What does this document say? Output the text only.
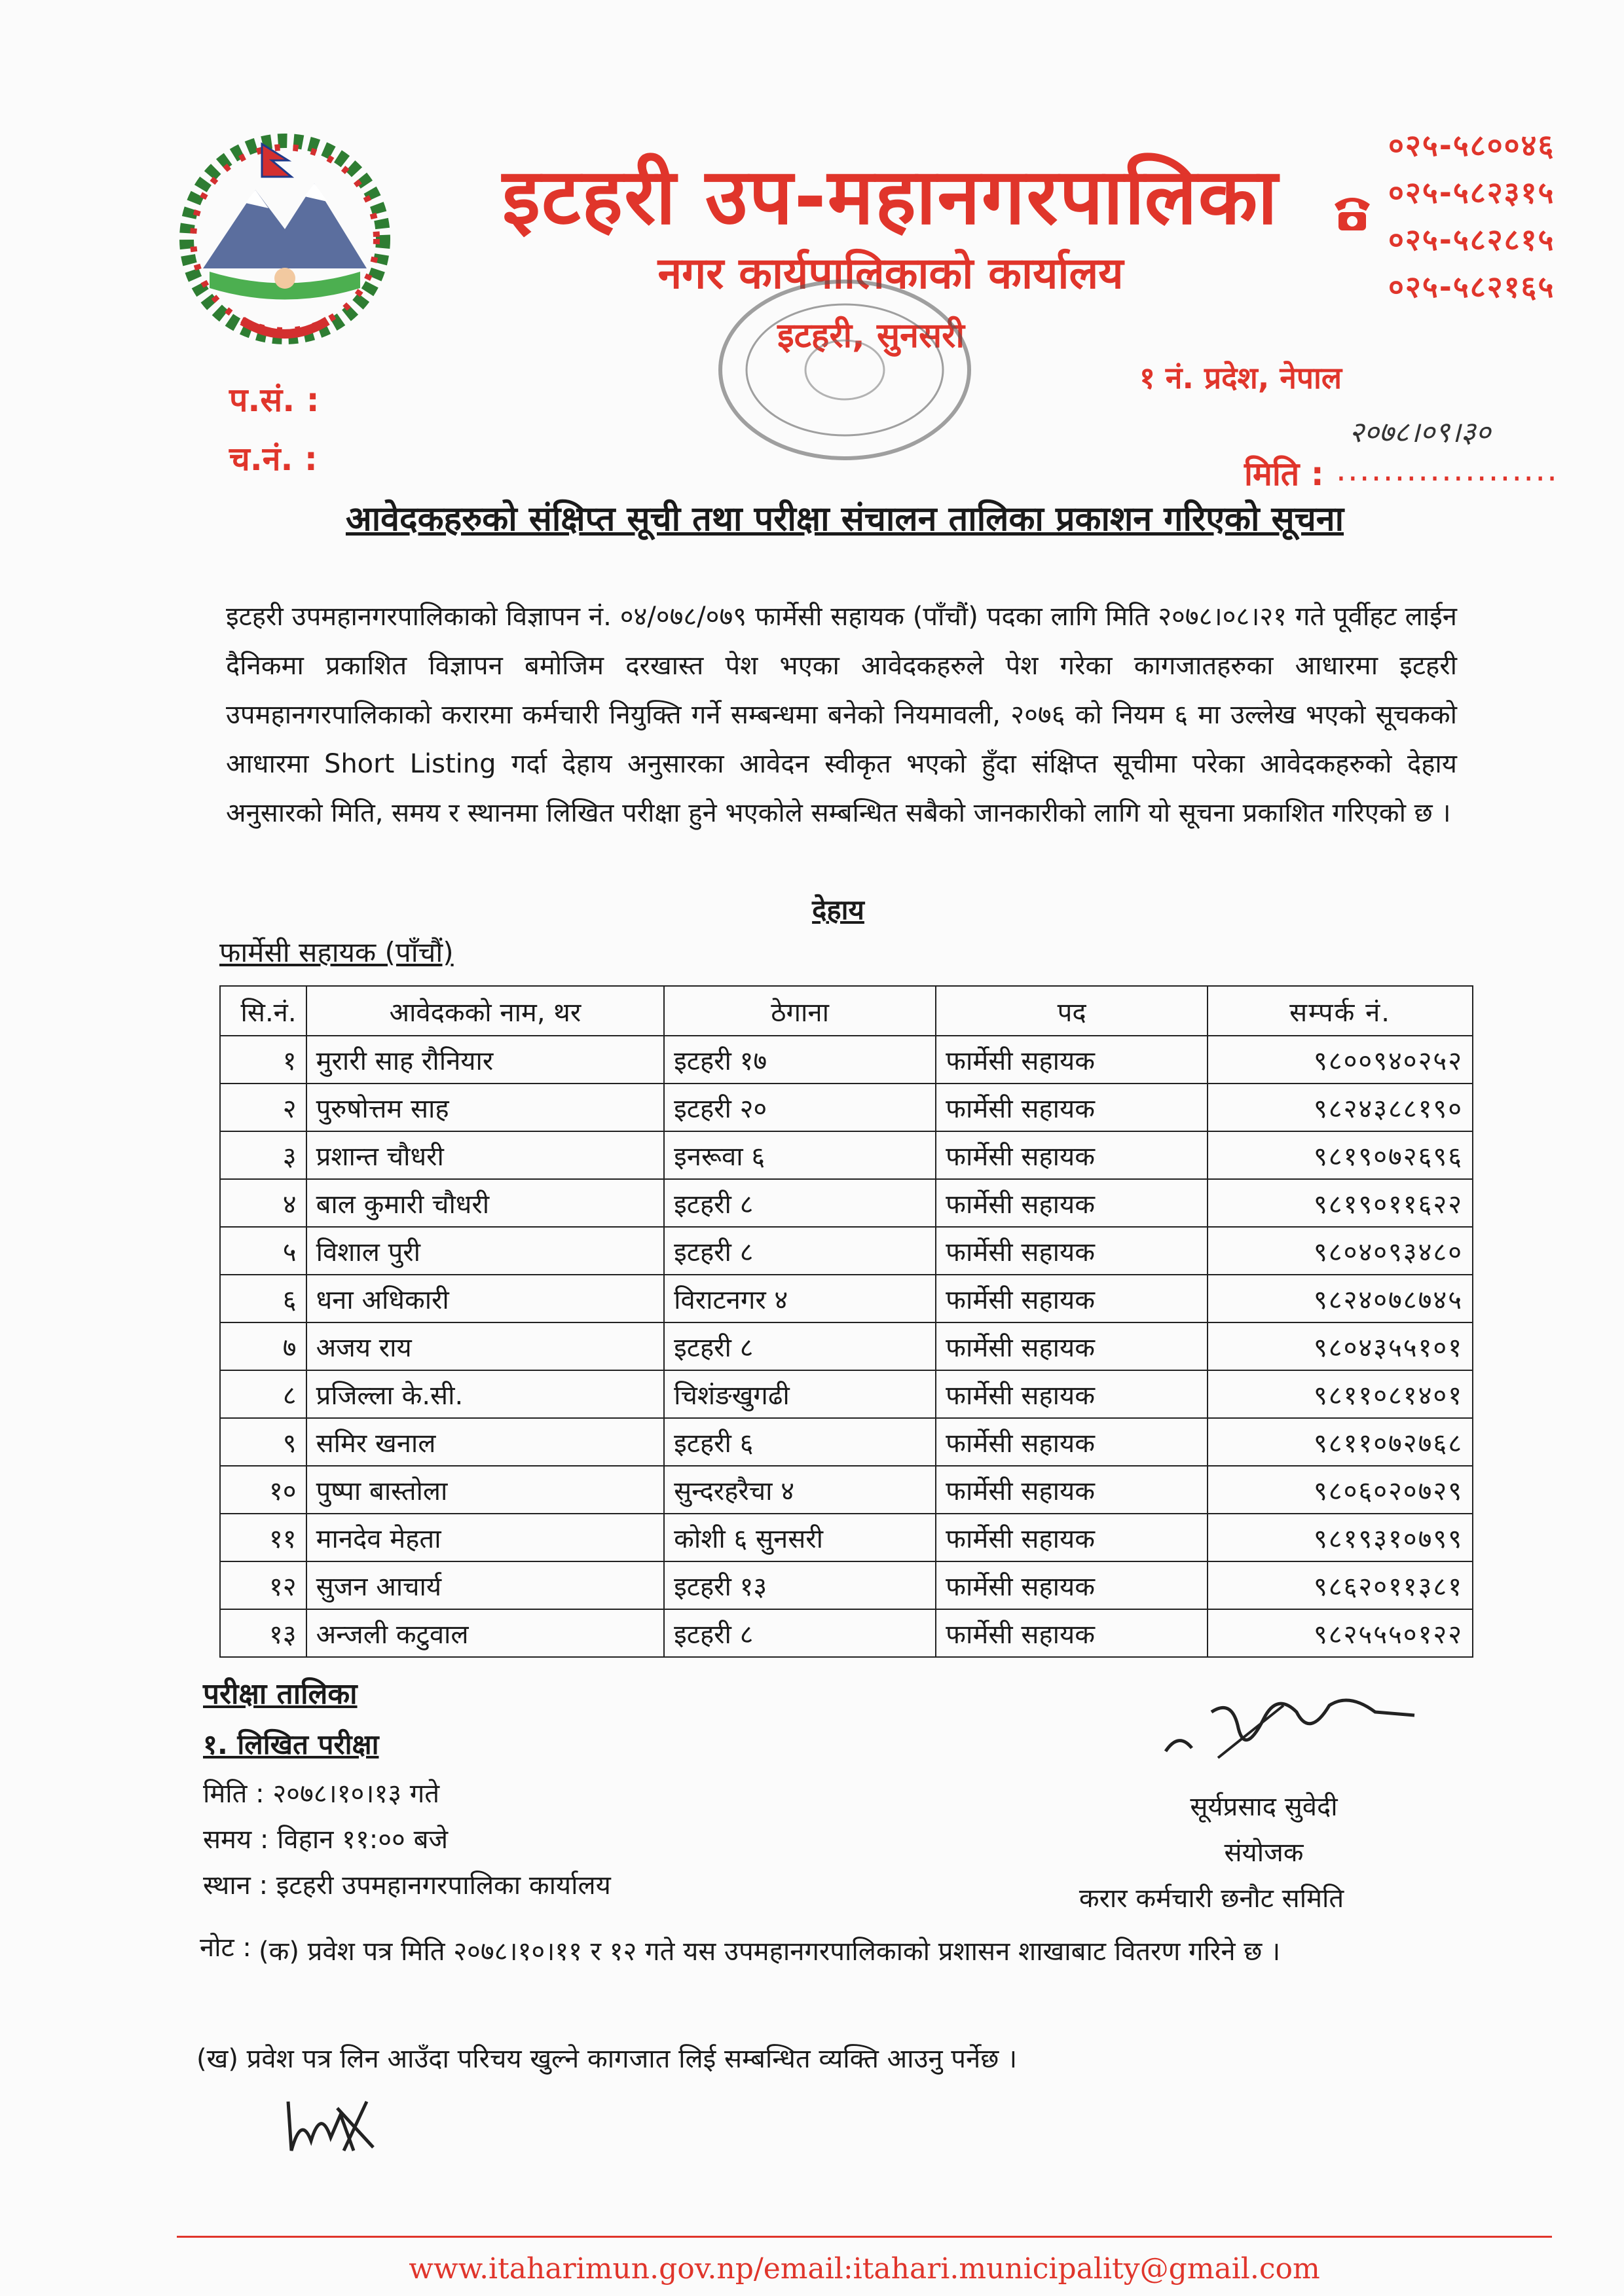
इटहरी उप-महानगरपालिका
नगर कार्यपालिकाको कार्यालय
इटहरी, सुनसरी
०२५-५८००४६
०२५-५८२३१५
०२५-५८२८१५
०२५-५८२१६५
१ नं. प्रदेश, नेपाल
प.सं. :
च.नं. :
२०७८।०९।३०
मिति : ...................
आवेदकहरुको संक्षिप्त सूची तथा परीक्षा संचालन तालिका प्रकाशन गरिएको सूचना
इटहरी उपमहानगरपालिकाको विज्ञापन नं. ०४/०७८/०७९ फार्मेसी सहायक (पाँचौं) पदका लागि मिति २०७८।०८।२१ गते पूर्वीहट लाईन दैनिकमा प्रकाशित विज्ञापन बमोजिम दरखास्त पेश भएका आवेदकहरुले पेश गरेका कागजातहरुका आधारमा इटहरी उपमहानगरपालिकाको करारमा कर्मचारी नियुक्ति गर्ने सम्बन्धमा बनेको नियमावली, २०७६ को नियम ६ मा उल्लेख भएको सूचकको आधारमा Short Listing गर्दा देहाय अनुसारका आवेदन स्वीकृत भएको हुँदा संक्षिप्त सूचीमा परेका आवेदकहरुको देहाय अनुसारको मिति, समय र स्थानमा लिखित परीक्षा हुने भएकोले सम्बन्धित सबैको जानकारीको लागि यो सूचना प्रकाशित गरिएको छ ।
देहाय
फार्मेसी सहायक (पाँचौं)
सि.नं.	आवेदकको नाम, थर	ठेगाना	पद	सम्पर्क नं.
१	मुरारी साह रौनियार	इटहरी १७	फार्मेसी सहायक	९८००९४०२५२
२	पुरुषोत्तम साह	इटहरी २०	फार्मेसी सहायक	९८२४३८८१९०
३	प्रशान्त चौधरी	इनरूवा ६	फार्मेसी सहायक	९८१९०७२६९६
४	बाल कुमारी चौधरी	इटहरी ८	फार्मेसी सहायक	९८१९०११६२२
५	विशाल पुरी	इटहरी ८	फार्मेसी सहायक	९८०४०९३४८०
६	धना अधिकारी	विराटनगर ४	फार्मेसी सहायक	९८२४०७८७४५
७	अजय राय	इटहरी ८	फार्मेसी सहायक	९८०४३५५१०१
८	प्रजिल्ला के.सी.	चिशंङखुगढी	फार्मेसी सहायक	९८११०८१४०१
९	समिर खनाल	इटहरी ६	फार्मेसी सहायक	९८११०७२७६८
१०	पुष्पा बास्तोला	सुन्दरहरैचा ४	फार्मेसी सहायक	९८०६०२०७२९
११	मानदेव मेहता	कोशी ६ सुनसरी	फार्मेसी सहायक	९८१९३१०७९९
१२	सुजन आचार्य	इटहरी १३	फार्मेसी सहायक	९८६२०११३८१
१३	अन्जली कटुवाल	इटहरी ८	फार्मेसी सहायक	९८२५५५०१२२
परीक्षा तालिका
१. लिखित परीक्षा
मिति : २०७८।१०।१३ गते
समय : विहान ११:०० बजे
स्थान : इटहरी उपमहानगरपालिका कार्यालय
सूर्यप्रसाद सुवेदी
संयोजक
करार कर्मचारी छनौट समिति
नोट : (क) प्रवेश पत्र मिति २०७८।१०।११ र १२ गते यस उपमहानगरपालिकाको प्रशासन शाखाबाट वितरण गरिने छ ।
(ख) प्रवेश पत्र लिन आउँदा परिचय खुल्ने कागजात लिई सम्बन्धित व्यक्ति आउनु पर्नेछ ।
www.itaharimun.gov.np/email:itahari.municipality@gmail.com
